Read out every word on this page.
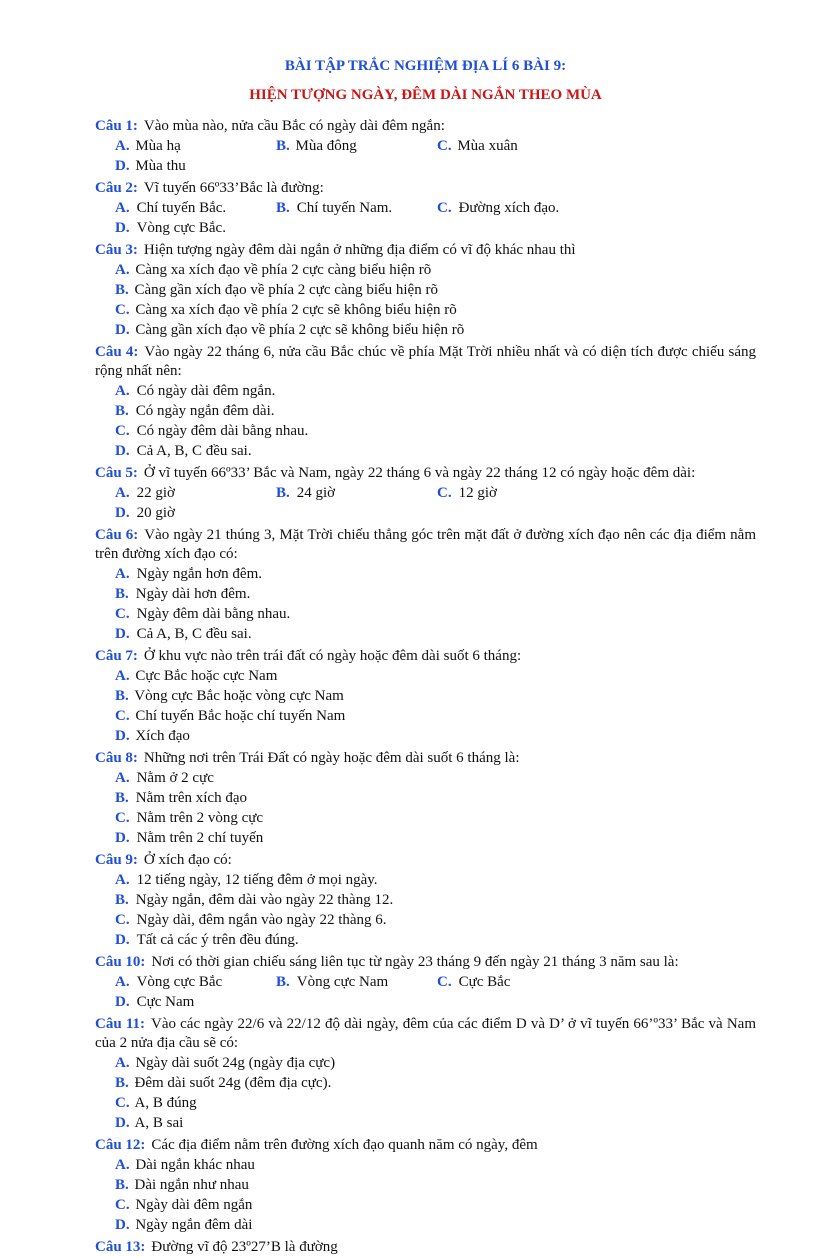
BÀI TẬP TRẮC NGHIỆM ĐỊA LÍ 6 BÀI 9:
HIỆN TƯỢNG NGÀY, ĐÊM DÀI NGẮN THEO MÙA
Câu 1: Vào mùa nào, nửa cầu Bắc có ngày dài đêm ngắn:
A. Mùa hạ	B. Mùa đông	C. Mùa xuân
D. Mùa thu
Câu 2: Vĩ tuyến 66º33’Bắc là đường:
A. Chí tuyến Bắc.	B. Chí tuyến Nam.	C. Đường xích đạo.
D. Vòng cực Bắc.
Câu 3: Hiện tượng ngày đêm dài ngắn ở những địa điểm có vĩ độ khác nhau thì
A. Càng xa xích đạo về phía 2 cực càng biểu hiện rõ
B. Càng gần xích đạo về phía 2 cực càng biểu hiện rõ
C. Càng xa xích đạo về phía 2 cực sẽ không biểu hiện rõ
D. Càng gần xích đạo về phía 2 cực sẽ không biểu hiện rõ
Câu 4: Vào ngày 22 tháng 6, nửa cầu Bắc chúc về phía Mặt Trời nhiều nhất và có diện tích được chiếu sáng rộng nhất nên:
A. Có ngày dài đêm ngắn.
B. Có ngày ngắn đêm dài.
C. Có ngày đêm dài bằng nhau.
D. Cả A, B, C đều sai.
Câu 5: Ở vĩ tuyến 66º33’ Bắc và Nam, ngày 22 tháng 6 và ngày 22 tháng 12 có ngày hoặc đêm dài:
A. 22 giờ	B. 24 giờ	C. 12 giờ
D. 20 giờ
Câu 6: Vào ngày 21 thúng 3, Mặt Trời chiếu thẳng góc trên mặt đất ở đường xích đạo nên các địa điểm nằm trên đường xích đạo có:
A. Ngày ngắn hơn đêm.
B. Ngày dài hơn đêm.
C. Ngày đêm dài bằng nhau.
D. Cả A, B, C đều sai.
Câu 7: Ở khu vực nào trên trái đất có ngày hoặc đêm dài suốt 6 tháng:
A. Cực Bắc hoặc cực Nam
B. Vòng cực Bắc hoặc vòng cực Nam
C. Chí tuyến Bắc hoặc chí tuyến Nam
D. Xích đạo
Câu 8: Những nơi trên Trái Đất có ngày hoặc đêm dài suốt 6 tháng là:
A. Nằm ở 2 cực
B. Nằm trên xích đạo
C. Nằm trên 2 vòng cực
D. Nằm trên 2 chí tuyến
Câu 9: Ở xích đạo có:
A. 12 tiếng ngày, 12 tiếng đêm ở mọi ngày.
B. Ngày ngắn, đêm dài vào ngày 22 thàng 12.
C. Ngày dài, đêm ngắn vào ngày 22 thàng 6.
D. Tất cả các ý trên đều đúng.
Câu 10: Nơi có thời gian chiếu sáng liên tục từ ngày 23 tháng 9 đến ngày 21 tháng 3 năm sau là:
A. Vòng cực Bắc	B. Vòng cực Nam	C. Cực Bắc
D. Cực Nam
Câu 11: Vào các ngày 22/6 và 22/12 độ dài ngày, đêm của các điểm D và D’ ở vĩ tuyến 66’º33’ Bắc và Nam của 2 nửa địa cầu sẽ có:
A. Ngày dài suốt 24g (ngày địa cực)
B. Đêm dài suốt 24g (đêm địa cực).
C. A, B đúng
D. A, B sai
Câu 12: Các địa điểm nằm trên đường xích đạo quanh năm có ngày, đêm
A. Dài ngắn khác nhau
B. Dài ngắn như nhau
C. Ngày dài đêm ngắn
D. Ngày ngắn đêm dài
Câu 13: Đường vĩ độ 23º27’B là đường
